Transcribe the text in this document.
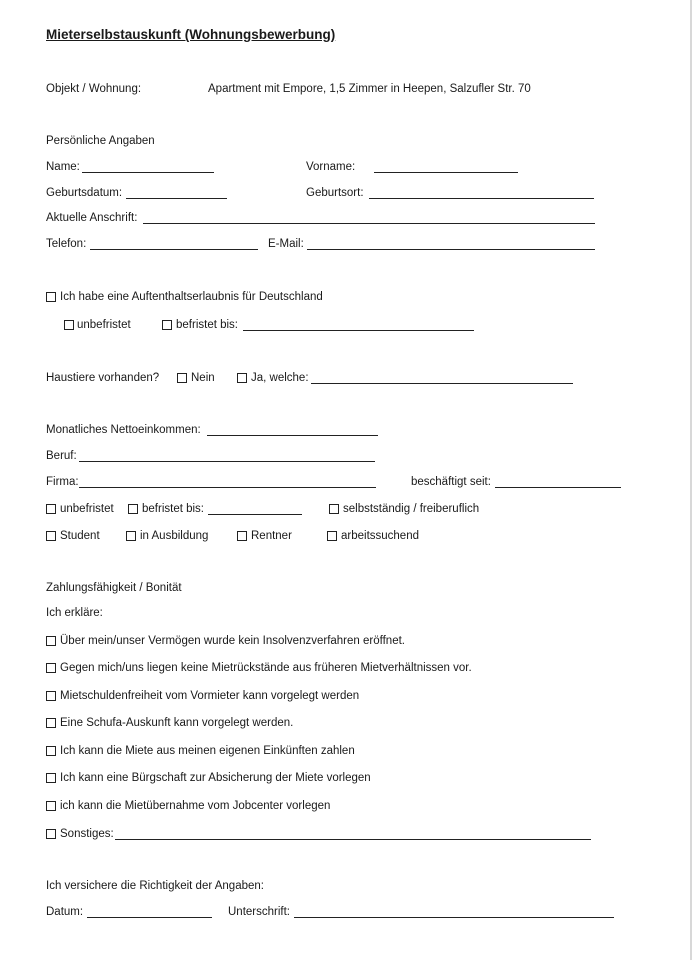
Mieterselbstauskunft (Wohnungsbewerbung)
Objekt / Wohnung:	Apartment mit Empore, 1,5 Zimmer in Heepen, Salzufler Str. 70
Persönliche Angaben
Name:	Vorname:
Geburtsdatum:	Geburtsort:
Aktuelle Anschrift:
Telefon:	E-Mail:
Ich habe eine Auftenthaltserlaubnis für Deutschland
unbefristet	befristet bis:
Haustiere vorhanden?	Nein	Ja, welche:
Monatliches Nettoeinkommen:
Beruf:
Firma:	beschäftigt seit:
unbefristet befristet bis:	selbstständig / freiberuflich
Student	in Ausbildung	Rentner	arbeitssuchend
Zahlungsfähigkeit / Bonität
Ich erkläre:
Über mein/unser Vermögen wurde kein Insolvenzverfahren eröffnet.
Gegen mich/uns liegen keine Mietrückstände aus früheren Mietverhältnissen vor.
Mietschuldenfreiheit vom Vormieter kann vorgelegt werden
Eine Schufa-Auskunft kann vorgelegt werden.
Ich kann die Miete aus meinen eigenen Einkünften zahlen
Ich kann eine Bürgschaft zur Absicherung der Miete vorlegen
ich kann die Mietübernahme vom Jobcenter vorlegen
Sonstiges:
Ich versichere die Richtigkeit der Angaben:
Datum:	Unterschrift:
